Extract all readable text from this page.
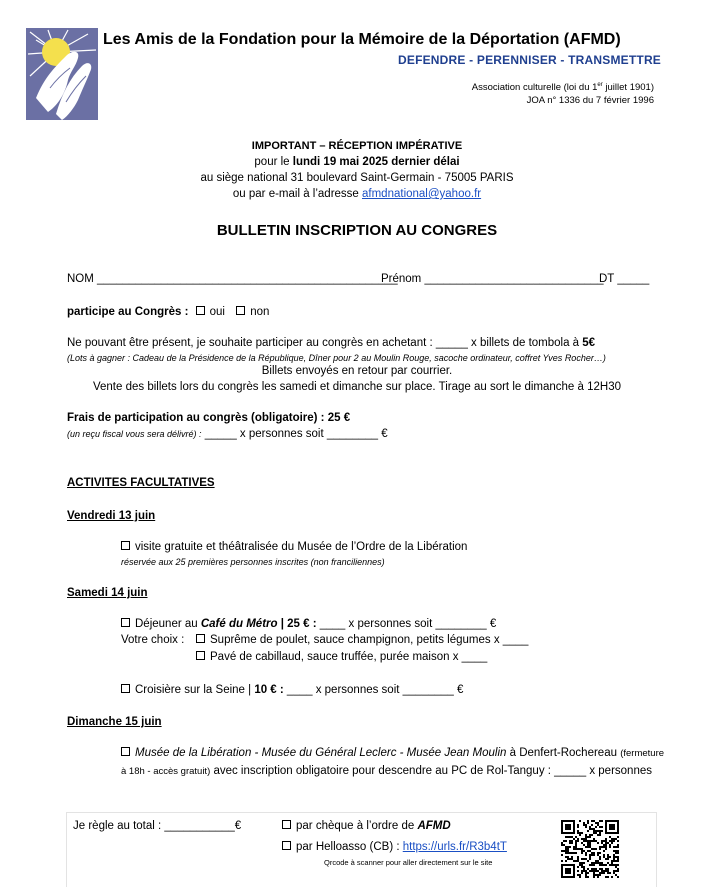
Les Amis de la Fondation pour la Mémoire de la Déportation (AFMD)
DEFENDRE - PERENNISER - TRANSMETTRE
Association culturelle (loi du 1er juillet 1901)
JOA n° 1336 du 7 février 1996
IMPORTANT – RÉCEPTION IMPÉRATIVE
pour le lundi 19 mai 2025 dernier délai
au siège national 31 boulevard Saint-Germain - 75005 PARIS
ou par e-mail à l’adresse afmdnational@yahoo.fr
BULLETIN INSCRIPTION AU CONGRES
NOM _______________________________________________
Prénom ____________________________
DT _____
participe au Congrès : oui non
Ne pouvant être présent, je souhaite participer au congrès en achetant : _____ x billets de tombola à 5€
(Lots à gagner : Cadeau de la Présidence de la République, Dîner pour 2 au Moulin Rouge, sacoche ordinateur, coffret Yves Rocher…)
Billets envoyés en retour par courrier.
Vente des billets lors du congrès les samedi et dimanche sur place. Tirage au sort le dimanche à 12H30
Frais de participation au congrès (obligatoire) : 25 €
(un reçu fiscal vous sera délivré) : _____ x personnes soit ________ €
ACTIVITES FACULTATIVES
Vendredi 13 juin
visite gratuite et théâtralisée du Musée de l’Ordre de la Libération
réservée aux 25 premières personnes inscrites (non franciliennes)
Samedi 14 juin
Déjeuner au Café du Métro | 25 € : ____ x personnes soit ________ €
Votre choix :	Suprême de poulet, sauce champignon, petits légumes x ____
Pavé de cabillaud, sauce truffée, purée maison x ____
Croisière sur la Seine | 10 € : ____ x personnes soit ________ €
Dimanche 15 juin
Musée de la Libération - Musée du Général Leclerc - Musée Jean Moulin à Denfert-Rochereau (fermeture
à 18h - accès gratuit) avec inscription obligatoire pour descendre au PC de Rol-Tanguy : _____ x personnes
Je règle au total : ___________€	par chèque à l’ordre de AFMD
par Helloasso (CB) : https://urls.fr/R3b4tT
Qrcode à scanner pour aller directement sur le site
